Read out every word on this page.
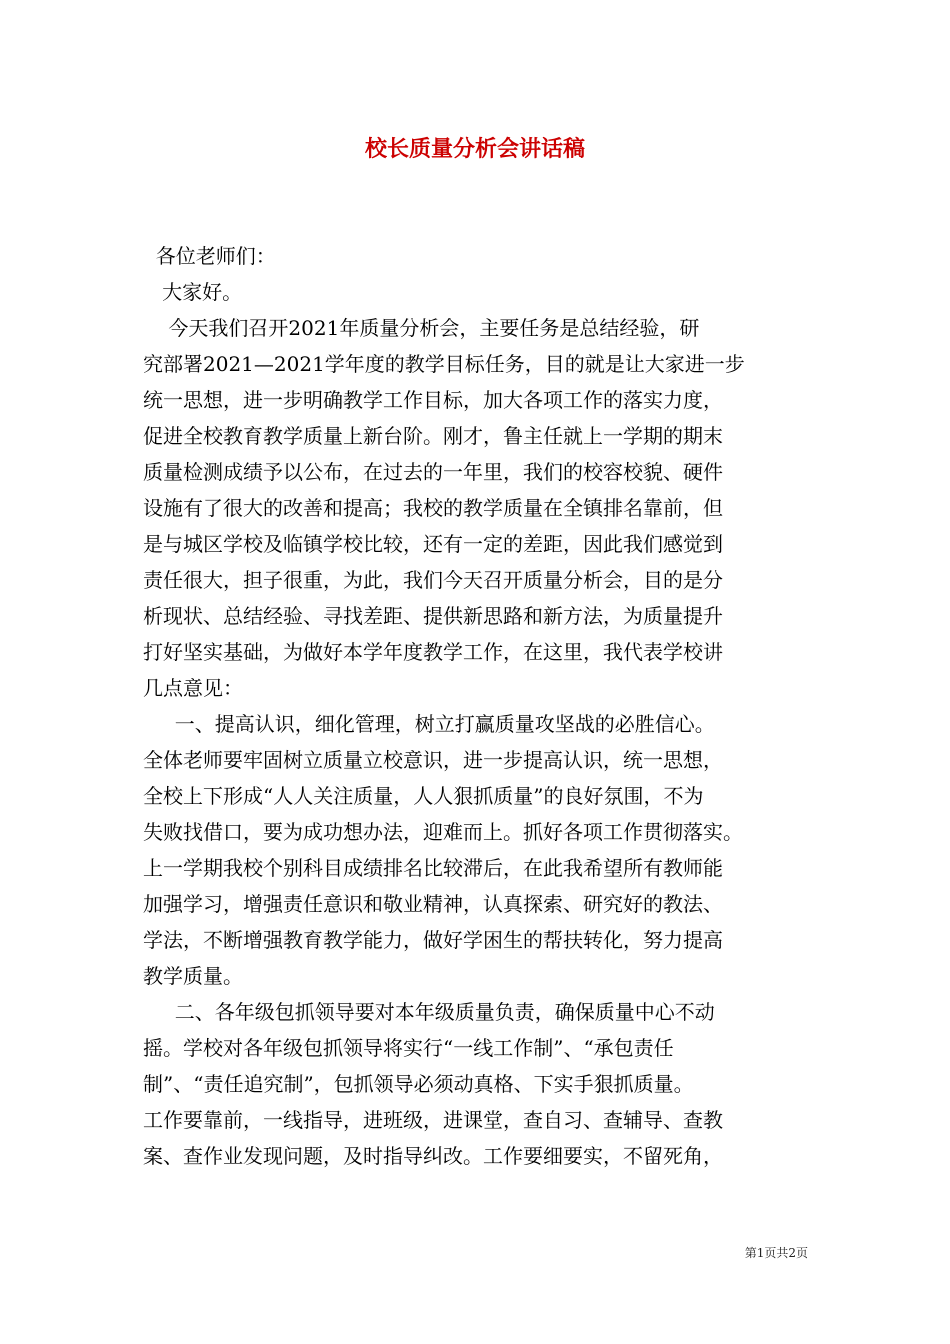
校长质量分析会讲话稿
各位老师们：
大家好。
今天我们召开2021年质量分析会，主要任务是总结经验，研
究部署2021—2021学年度的教学目标任务，目的就是让大家进一步
统一思想，进一步明确教学工作目标，加大各项工作的落实力度，
促进全校教育教学质量上新台阶。刚才，鲁主任就上一学期的期末
质量检测成绩予以公布，在过去的一年里，我们的校容校貌、硬件
设施有了很大的改善和提高；我校的教学质量在全镇排名靠前，但
是与城区学校及临镇学校比较，还有一定的差距，因此我们感觉到
责任很大，担子很重，为此，我们今天召开质量分析会，目的是分
析现状、总结经验、寻找差距、提供新思路和新方法，为质量提升
打好坚实基础，为做好本学年度教学工作，在这里，我代表学校讲
几点意见：
一、提高认识，细化管理，树立打赢质量攻坚战的必胜信心。
全体老师要牢固树立质量立校意识，进一步提高认识，统一思想，
全校上下形成“人人关注质量，人人狠抓质量”的良好氛围，不为
失败找借口，要为成功想办法，迎难而上。抓好各项工作贯彻落实。
上一学期我校个别科目成绩排名比较滞后，在此我希望所有教师能
加强学习，增强责任意识和敬业精神，认真探索、研究好的教法、
学法，不断增强教育教学能力，做好学困生的帮扶转化，努力提高
教学质量。
二、各年级包抓领导要对本年级质量负责，确保质量中心不动
摇。学校对各年级包抓领导将实行“一线工作制”、“承包责任
制”、“责任追究制”，包抓领导必须动真格、下实手狠抓质量。
工作要靠前，一线指导，进班级，进课堂，查自习、查辅导、查教
案、查作业发现问题，及时指导纠改。工作要细要实，不留死角，
第1页共2页
